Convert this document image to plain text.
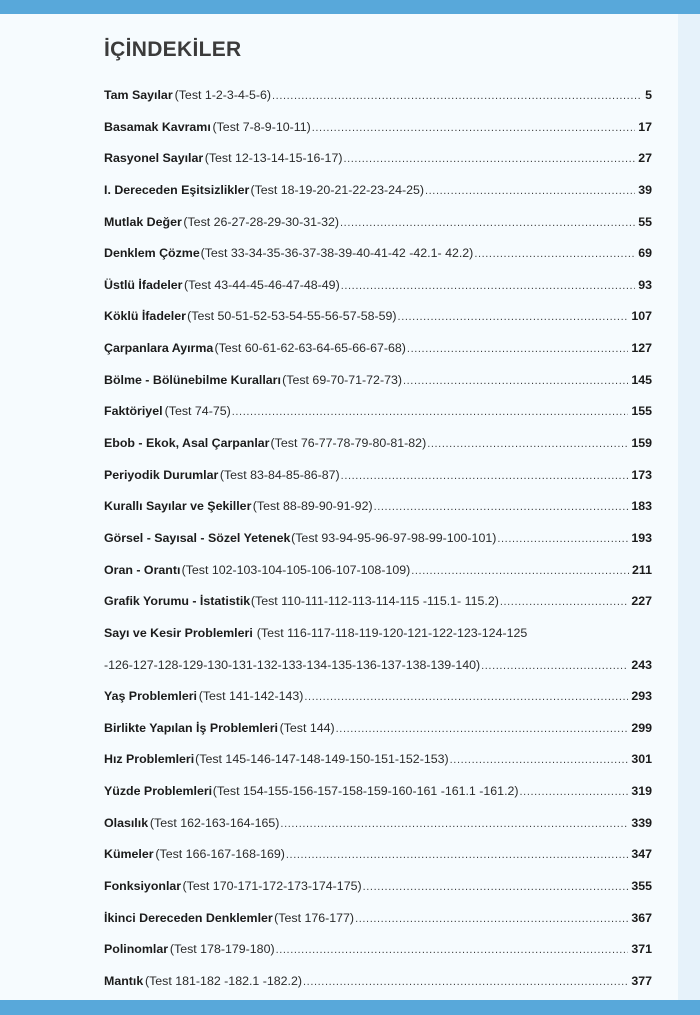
İÇİNDEKİLER
Tam Sayılar (Test 1-2-3-4-5-6) .....	5
Basamak Kavramı (Test 7-8-9-10-11) .....	17
Rasyonel Sayılar (Test 12-13-14-15-16-17) .....	27
I. Dereceden Eşitsizlikler (Test 18-19-20-21-22-23-24-25) .....	39
Mutlak Değer (Test 26-27-28-29-30-31-32) .....	55
Denklem Çözme (Test 33-34-35-36-37-38-39-40-41-42 -42.1- 42.2) .....	69
Üstlü İfadeler (Test 43-44-45-46-47-48-49) .....	93
Köklü İfadeler (Test 50-51-52-53-54-55-56-57-58-59) .....	107
Çarpanlara Ayırma (Test 60-61-62-63-64-65-66-67-68) .....	127
Bölme - Bölünebilme Kuralları (Test 69-70-71-72-73) .....	145
Faktöriyel (Test 74-75) .....	155
Ebob - Ekok, Asal Çarpanlar (Test 76-77-78-79-80-81-82) .....	159
Periyodik Durumlar (Test 83-84-85-86-87) .....	173
Kurallı Sayılar ve Şekiller (Test 88-89-90-91-92) .....	183
Görsel - Sayısal - Sözel Yetenek (Test 93-94-95-96-97-98-99-100-101) .....	193
Oran - Orantı (Test 102-103-104-105-106-107-108-109) .....	211
Grafik Yorumu - İstatistik (Test 110-111-112-113-114-115 -115.1- 115.2) .....	227
Sayı ve Kesir Problemleri (Test 116-117-118-119-120-121-122-123-124-125
-126-127-128-129-130-131-132-133-134-135-136-137-138-139-140) .....	243
Yaş Problemleri (Test 141-142-143) .....	293
Birlikte Yapılan İş Problemleri (Test 144) .....	299
Hız Problemleri (Test 145-146-147-148-149-150-151-152-153) .....	301
Yüzde Problemleri (Test 154-155-156-157-158-159-160-161 -161.1 -161.2) .....	319
Olasılık (Test 162-163-164-165) .....	339
Kümeler (Test 166-167-168-169) .....	347
Fonksiyonlar (Test 170-171-172-173-174-175) .....	355
İkinci Dereceden Denklemler (Test 176-177) .....	367
Polinomlar (Test 178-179-180) .....	371
Mantık (Test 181-182 -182.1 -182.2) .....	377
